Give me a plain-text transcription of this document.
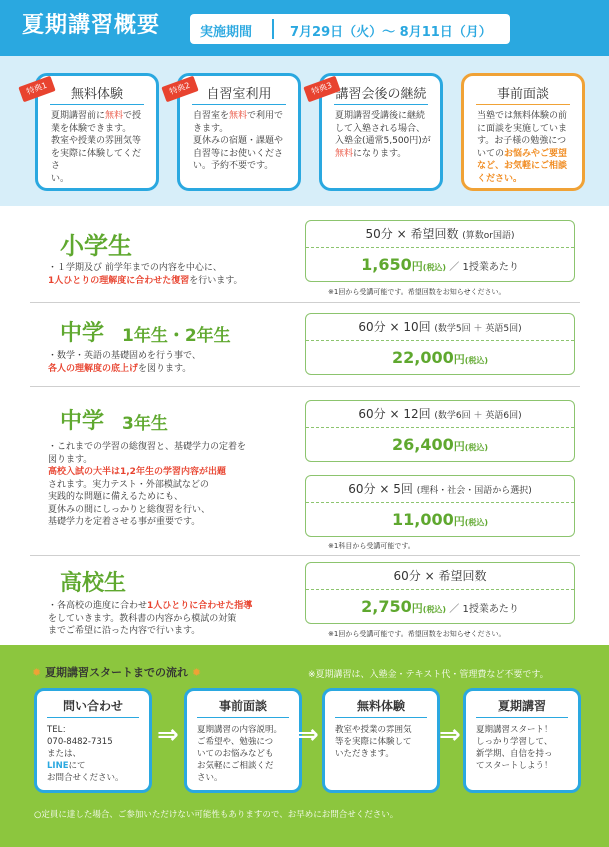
夏期講習概要	実施期間	7月29日（火）～ 8月11日（月）
無料体験
夏期講習前に無料で授
業を体験できます。
教室や授業の雰囲気等
を実際に体験してくださ
い。
特典1	自習室利用
自習室を無料で利用で
きます。
夏休みの宿題・課題や
自習等にお使いくださ
い。予約不要です。
特典2	講習会後の継続
夏期講習受講後に継続
して入塾される場合、
入塾金(通常5,500円)が
無料になります。
特典3	事前面談
当塾では無料体験の前
に面談を実施していま
す。お子様の勉強につ
いてのお悩みやご要望
など、お気軽にご相談
ください。
小学生
・１学期及び 前学年までの内容を中心に、
1人ひとりの理解度に合わせた復習を行います。
50分 × 希望回数 (算数or国語)
1,650円(税込) ／ 1授業あたり
※1回から受講可能です。希望回数をお知らせください。
中学 1年生・2年生
・数学・英語の基礎固めを行う事で、
各人の理解度の底上げを図ります。
60分 × 10回 (数学5回 ＋ 英語5回)
22,000円(税込)
中学 3年生
・これまでの学習の総復習と、基礎学力の定着を
図ります。
高校入試の大半は1,2年生の学習内容が出題
されます。実力テスト・外部模試などの
実践的な問題に備えるためにも、
夏休みの間にしっかりと総復習を行い、
基礎学力を定着させる事が重要です。
60分 × 12回 (数学6回 ＋ 英語6回)
26,400円(税込)
60分 × 5回 (理科・社会・国語から選択)
11,000円(税込)
※1科目から受講可能です。
高校生
・各高校の進度に合わせ1人ひとりに合わせた指導
をしていきます。教科書の内容から模試の対策
までご希望に沿った内容で行います。
60分 × 希望回数
2,750円(税込) ／ 1授業あたり
※1回から受講可能です。希望回数をお知らせください。
✹ 夏期講習スタートまでの流れ ✹	※夏期講習は、入塾金・テキスト代・管理費など不要です。
問い合わせ
TEL：
070-8482-7315
または、
LINEにて
お問合せください。
⇒
事前面談
夏期講習の内容説明。
ご希望や、勉強につ
いてのお悩みなども
お気軽にご相談くだ
さい。
⇒
無料体験
教室や授業の雰囲気
等を実際に体験して
いただきます。
⇒
夏期講習
夏期講習スタート！
しっかり学習して、
新学期、自信を持っ
てスタートしよう！
○定員に達した場合、ご参加いただけない可能性もありますので、お早めにお問合せください。
